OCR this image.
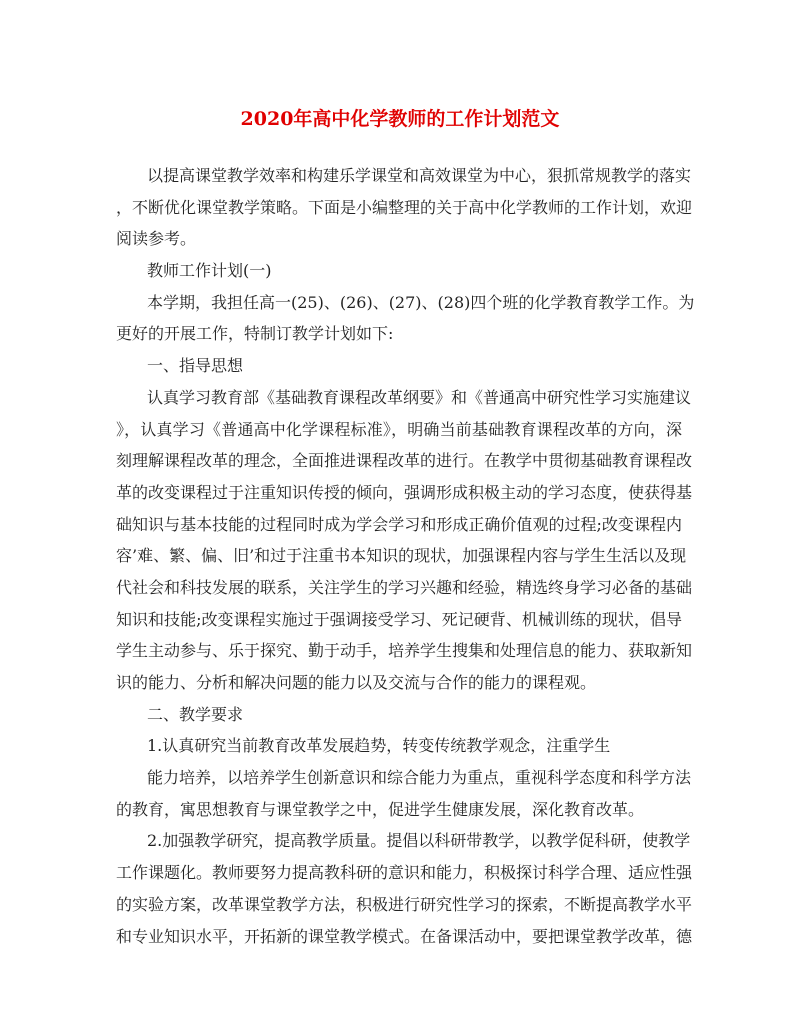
2020年高中化学教师的工作计划范文
以提高课堂教学效率和构建乐学课堂和高效课堂为中心，狠抓常规教学的落实
，不断优化课堂教学策略。下面是小编整理的关于高中化学教师的工作计划，欢迎
阅读参考。
教师工作计划(一)
本学期，我担任高一(25)、(26)、(27)、(28)四个班的化学教育教学工作。为
更好的开展工作，特制订教学计划如下:
一、指导思想
认真学习教育部《基础教育课程改革纲要》和《普通高中研究性学习实施建议
》，认真学习《普通高中化学课程标准》，明确当前基础教育课程改革的方向，深
刻理解课程改革的理念，全面推进课程改革的进行。在教学中贯彻基础教育课程改
革的改变课程过于注重知识传授的倾向，强调形成积极主动的学习态度，使获得基
础知识与基本技能的过程同时成为学会学习和形成正确价值观的过程;改变课程内
容’难、繁、偏、旧’和过于注重书本知识的现状，加强课程内容与学生生活以及现
代社会和科技发展的联系，关注学生的学习兴趣和经验，精选终身学习必备的基础
知识和技能;改变课程实施过于强调接受学习、死记硬背、机械训练的现状，倡导
学生主动参与、乐于探究、勤于动手，培养学生搜集和处理信息的能力、获取新知
识的能力、分析和解决问题的能力以及交流与合作的能力的课程观。
二、教学要求
1.认真研究当前教育改革发展趋势，转变传统教学观念，注重学生
能力培养，以培养学生创新意识和综合能力为重点，重视科学态度和科学方法
的教育，寓思想教育与课堂教学之中，促进学生健康发展，深化教育改革。
2.加强教学研究，提高教学质量。提倡以科研带教学，以教学促科研，使教学
工作课题化。教师要努力提高教科研的意识和能力，积极探讨科学合理、适应性强
的实验方案，改革课堂教学方法，积极进行研究性学习的探索，不断提高教学水平
和专业知识水平，开拓新的课堂教学模式。在备课活动中，要把课堂教学改革，德
